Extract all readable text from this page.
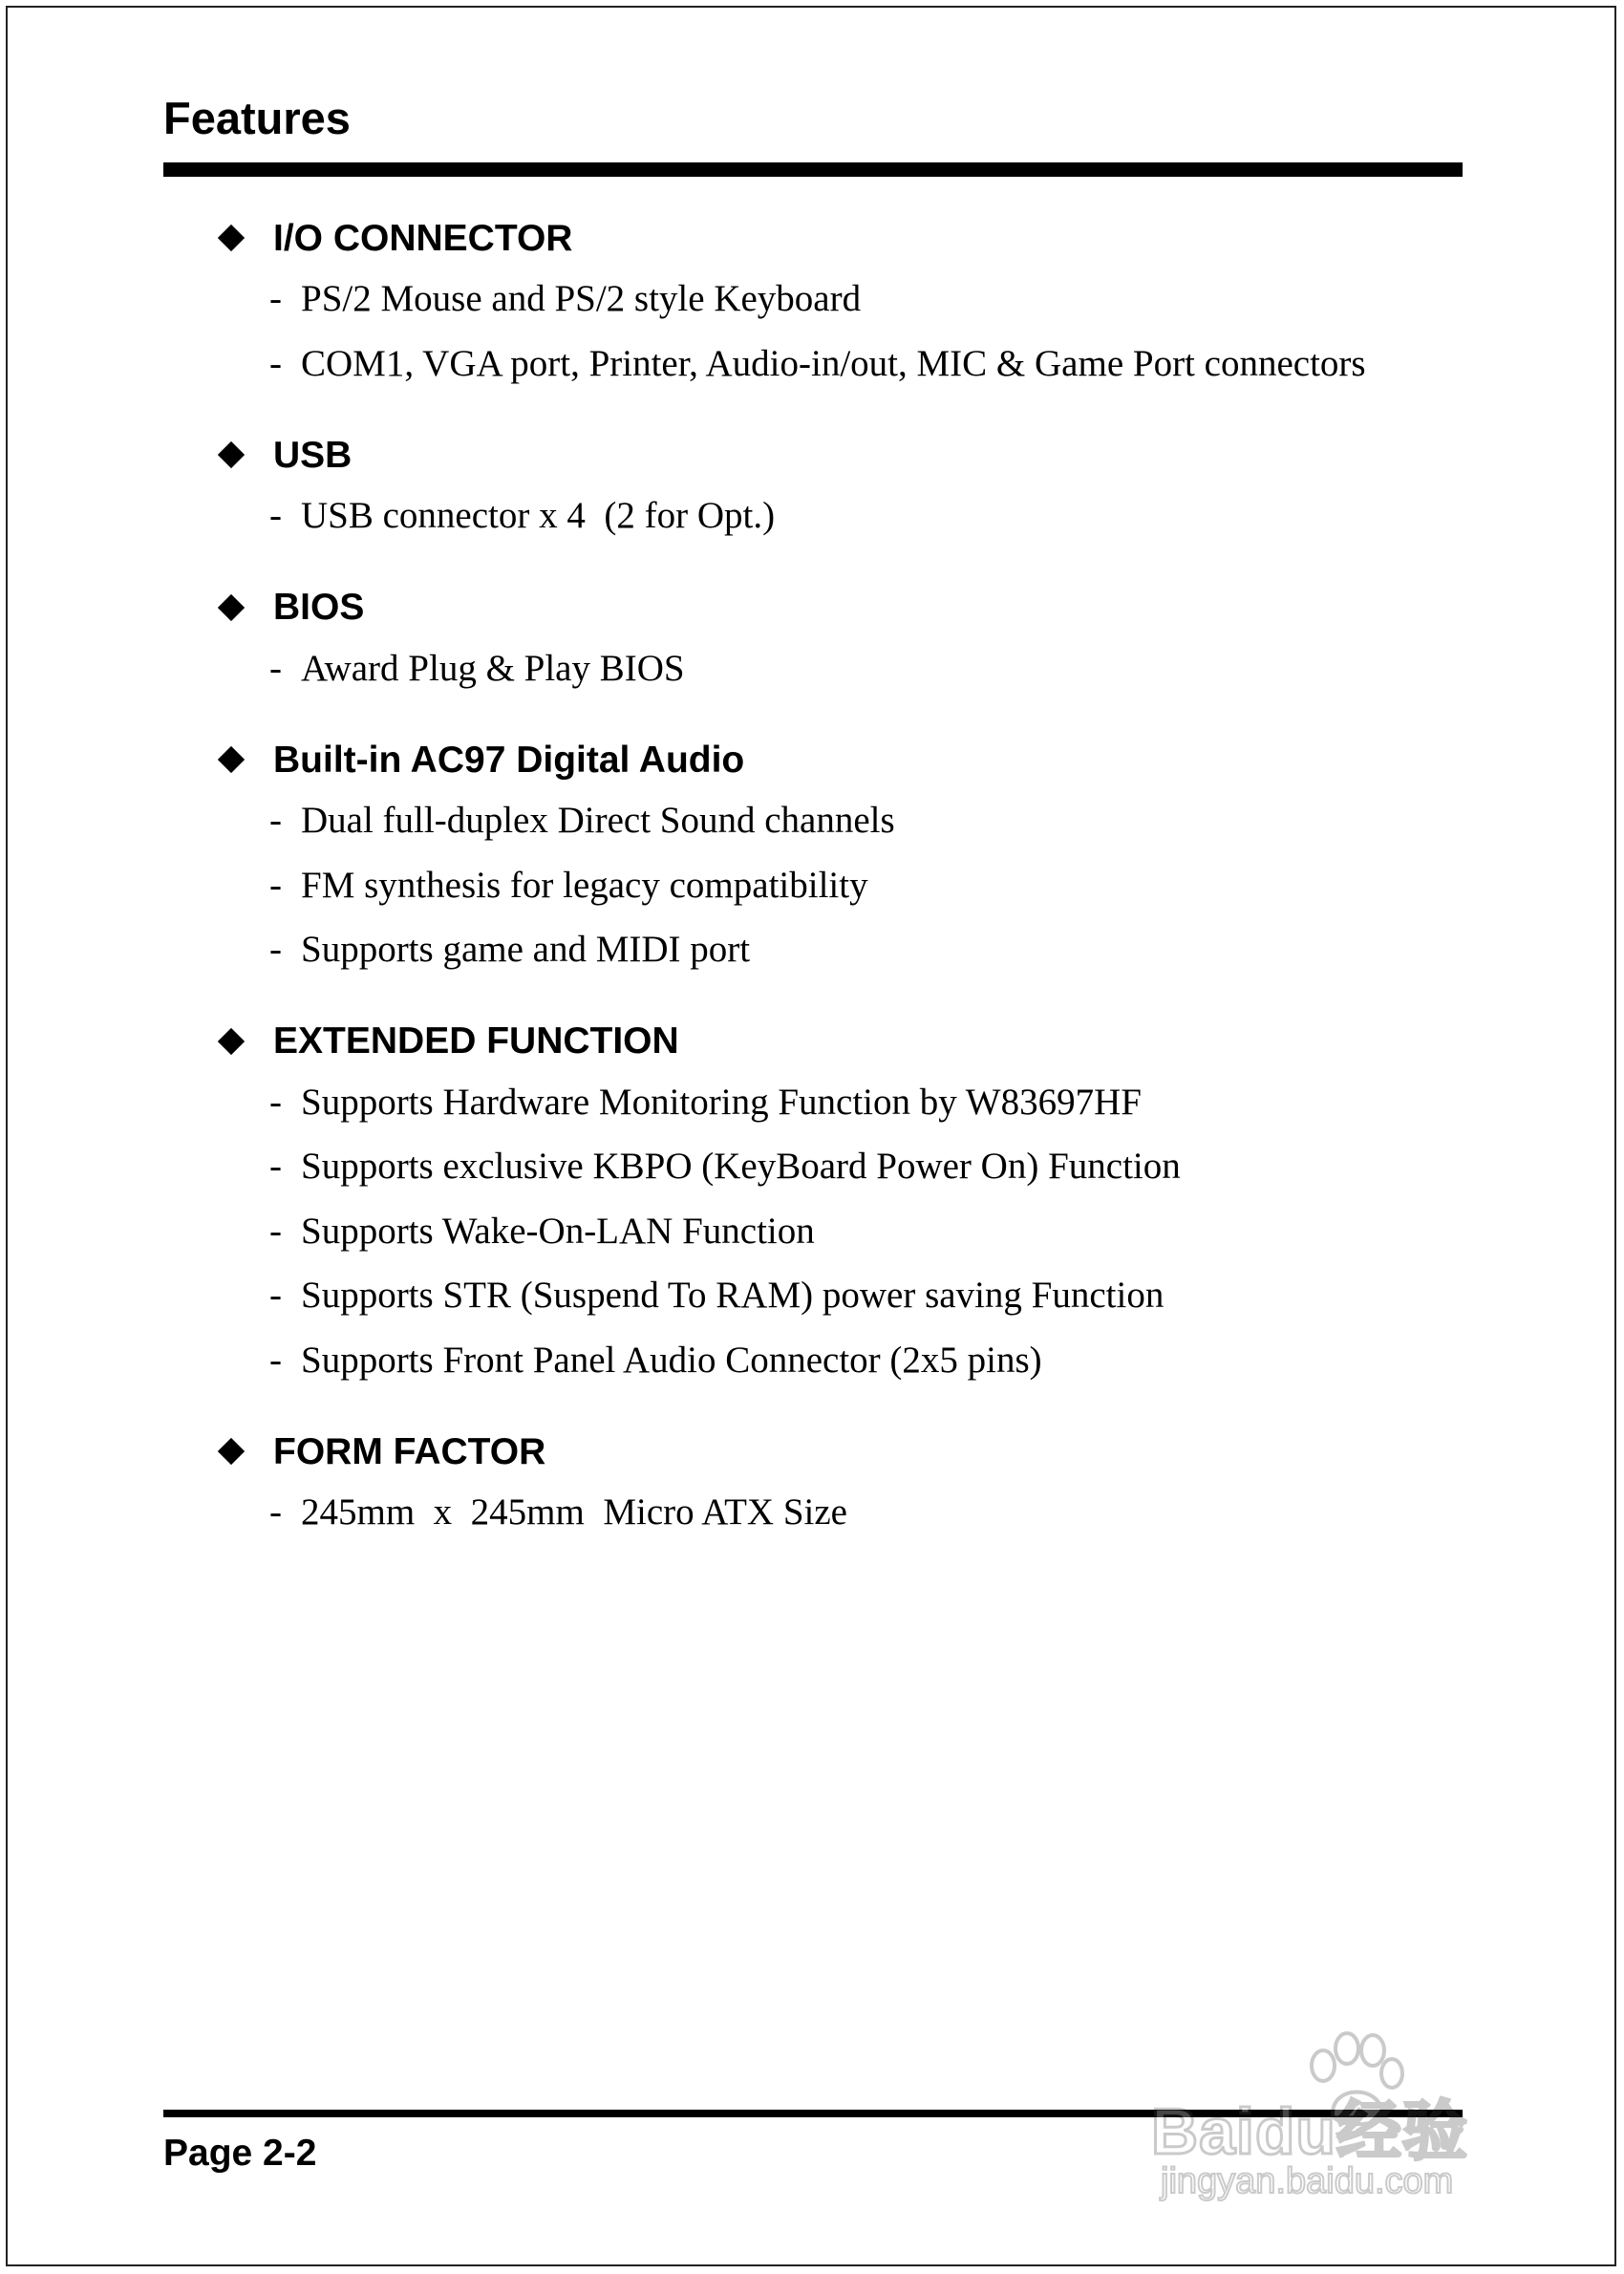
Features
I/O CONNECTOR
- PS/2 Mouse and PS/2 style Keyboard
- COM1, VGA port, Printer, Audio-in/out, MIC & Game Port connectors
USB
- USB connector x 4  (2 for Opt.)
BIOS
- Award Plug & Play BIOS
Built-in AC97 Digital Audio
- Dual full-duplex Direct Sound channels
- FM synthesis for legacy compatibility
- Supports game and MIDI port
EXTENDED FUNCTION
- Supports Hardware Monitoring Function by W83697HF
- Supports exclusive KBPO (KeyBoard Power On) Function
- Supports Wake-On-LAN Function
- Supports STR (Suspend To RAM) power saving Function
- Supports Front Panel Audio Connector (2x5 pins)
FORM FACTOR
- 245mm  x  245mm  Micro ATX Size
Page 2-2	Baidu经验
jingyan.baidu.com
